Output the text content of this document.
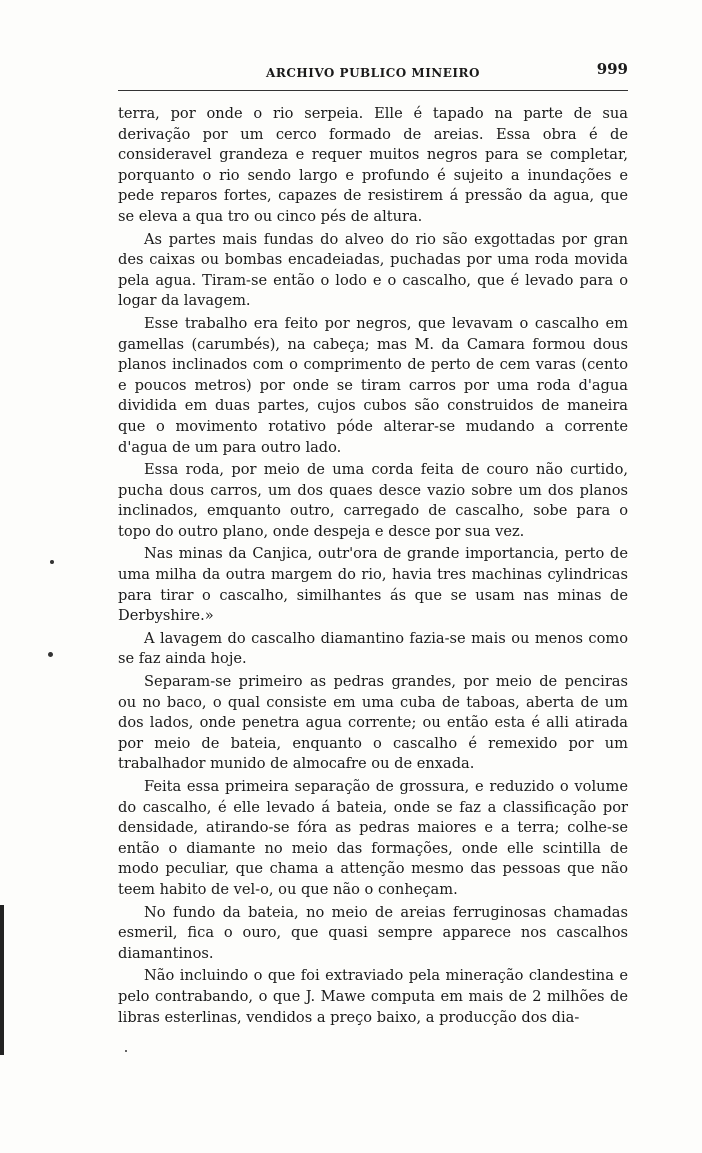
ARCHIVO PUBLICO MINEIRO	999

terra, por onde o rio serpeia. Elle é tapado na parte de sua derivação por um cerco formado de areias. Essa obra é de consideravel grandeza e requer muitos negros para se completar, porquanto o rio sendo largo e profundo é sujeito a inundações e pede reparos fortes, capazes de resistirem á pressão da agua, que se eleva a qua tro ou cinco pés de altura.

As partes mais fundas do alveo do rio são exgottadas por gran des caixas ou bombas encadeiadas, puchadas por uma roda movida pela agua. Tiram-se então o lodo e o cascalho, que é levado para o logar da lavagem.

Esse trabalho era feito por negros, que levavam o cascalho em gamellas (carumbés), na cabeça; mas M. da Camara formou dous planos inclinados com o comprimento de perto de cem varas (cento e poucos metros) por onde se tiram carros por uma roda d'agua dividida em duas partes, cujos cubos são construidos de maneira que o movimento rotativo póde alterar-se mudando a corrente d'agua de um para outro lado.

Essa roda, por meio de uma corda feita de couro não curtido, pucha dous carros, um dos quaes desce vazio sobre um dos planos inclinados, emquanto outro, carregado de cascalho, sobe para o topo do outro plano, onde despeja e desce por sua vez.

Nas minas da Canjica, outr'ora de grande importancia, perto de uma milha da outra margem do rio, havia tres machinas cylindricas para tirar o cascalho, similhantes ás que se usam nas minas de Derbyshire.»

A lavagem do cascalho diamantino fazia-se mais ou menos como se faz ainda hoje.

Separam-se primeiro as pedras grandes, por meio de penciras ou no baco, o qual consiste em uma cuba de taboas, aberta de um dos lados, onde penetra agua corrente; ou então esta é alli atirada por meio de bateia, enquanto o cascalho é remexido por um trabalhador munido de almocafre ou de enxada.

Feita essa primeira separação de grossura, e reduzido o volume do cascalho, é elle levado á bateia, onde se faz a classificação por densidade, atirando-se fóra as pedras maiores e a terra; colhe-se então o diamante no meio das formações, onde elle scintilla de modo peculiar, que chama a attenção mesmo das pessoas que não teem habito de vel-o, ou que não o conheçam.

No fundo da bateia, no meio de areias ferruginosas chamadas esmeril, fica o ouro, que quasi sempre apparece nos cascalhos diamantinos.

Não incluindo o que foi extraviado pela mineração clandestina e pelo contrabando, o que J. Mawe computa em mais de 2 milhões de libras esterlinas, vendidos a preço baixo, a producção dos dia-
